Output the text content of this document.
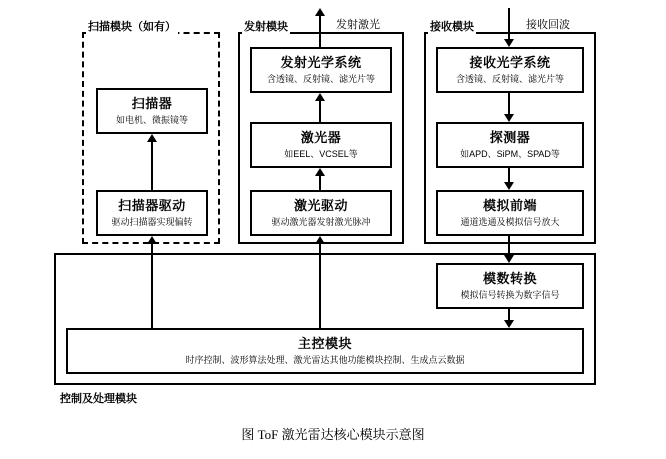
扫描模块（如有）	发射模块	接收模块
控制及处理模块
扫描器
如电机、微振镜等
扫描器驱动
驱动扫描器实现偏转
发射光学系统
含透镜、反射镜、滤光片等
激光器
如EEL、VCSEL等
激光驱动
驱动激光器发射激光脉冲
接收光学系统
含透镜、反射镜、滤光片等
探测器
如APD、SiPM、SPAD等
模拟前端
通道选通及模拟信号放大
模数转换
模拟信号转换为数字信号
主控模块
时序控制、波形算法处理、激光雷达其他功能模块控制、生成点云数据
发射激光	接收回波
图 ToF 激光雷达核心模块示意图
